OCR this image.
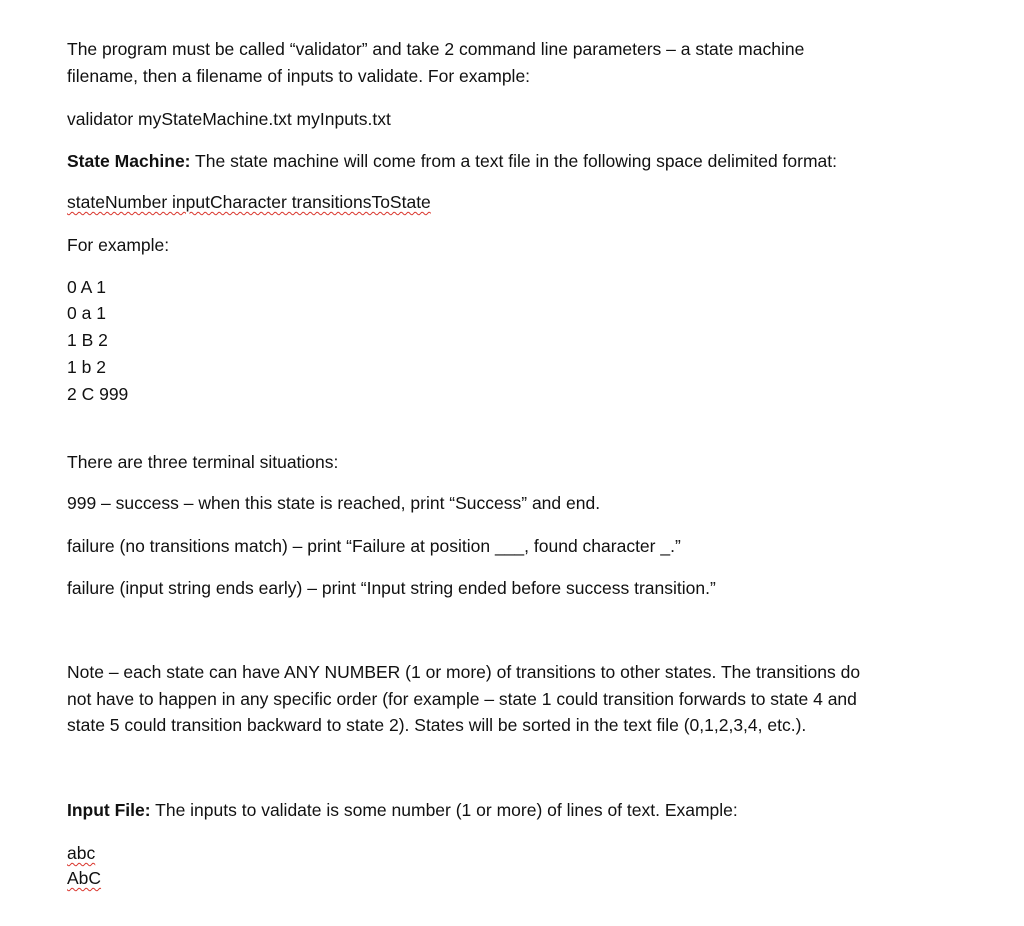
The program must be called “validator” and take 2 command line parameters – a state machine

filename, then a filename of inputs to validate. For example:

validator myStateMachine.txt myInputs.txt

State Machine: The state machine will come from a text file in the following space delimited format:

stateNumber inputCharacter transitionsToState

For example:

0 A 1

0 a 1

1 B 2

1 b 2

2 C 999

There are three terminal situations:

999 – success – when this state is reached, print “Success” and end.

failure (no transitions match) – print “Failure at position ___, found character _.”

failure (input string ends early) – print “Input string ended before success transition.”

Note – each state can have ANY NUMBER (1 or more) of transitions to other states. The transitions do

not have to happen in any specific order (for example – state 1 could transition forwards to state 4 and

state 5 could transition backward to state 2). States will be sorted in the text file (0,1,2,3,4, etc.).

Input File: The inputs to validate is some number (1 or more) of lines of text. Example:

abc

AbC
